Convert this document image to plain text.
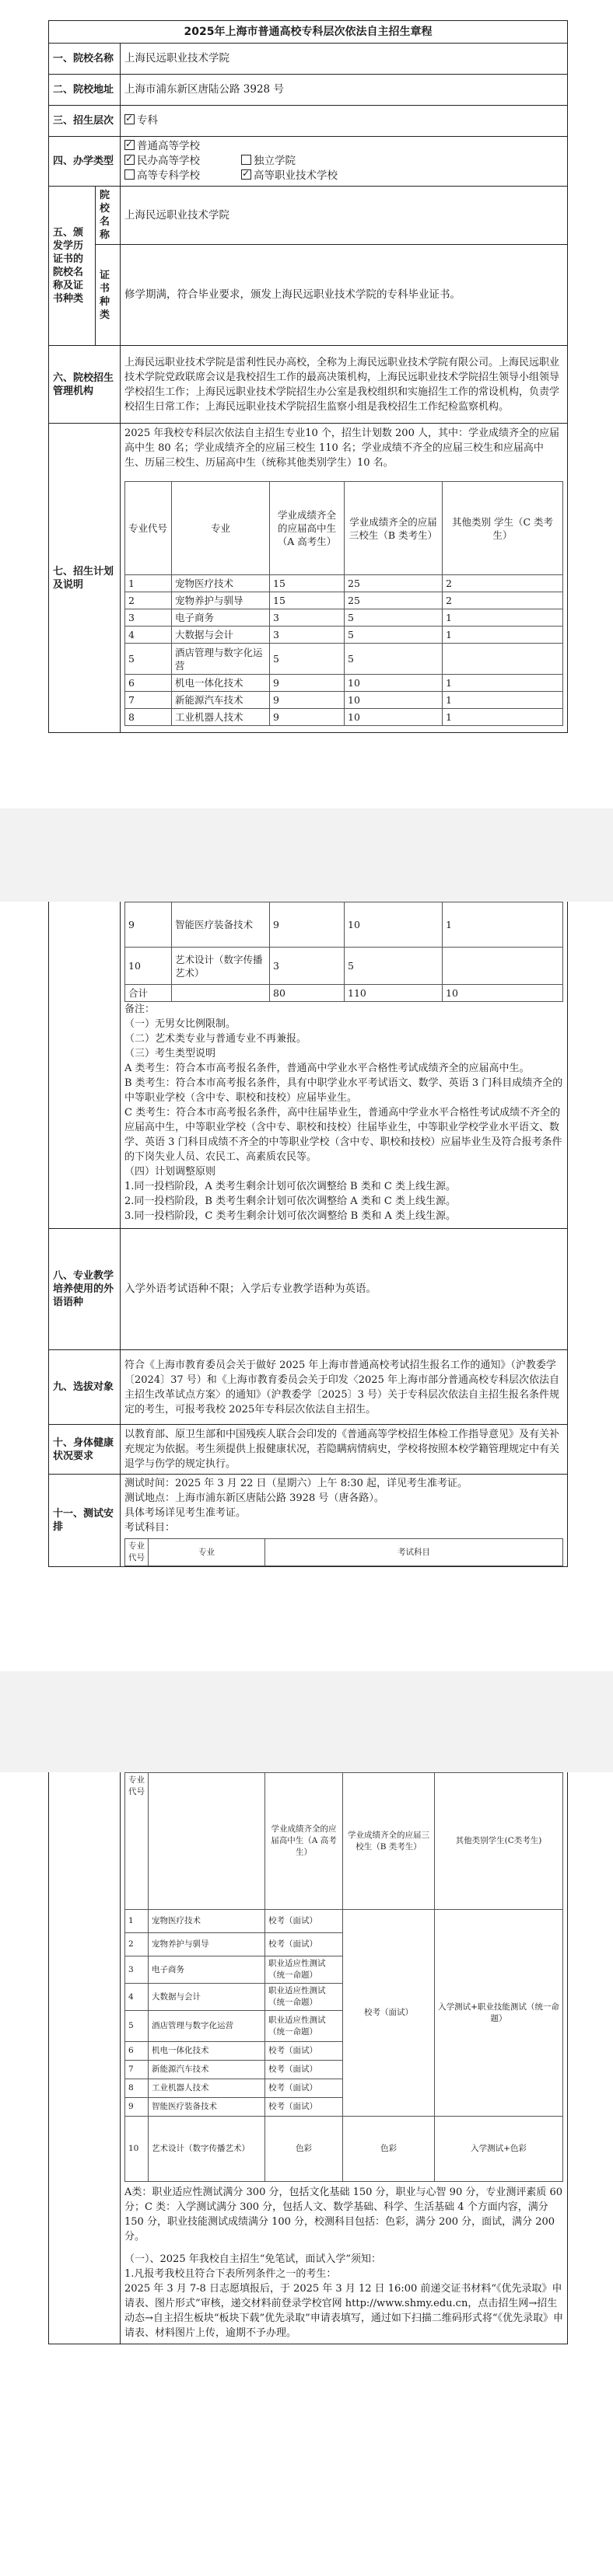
2025年上海市普通高校专科层次依法自主招生章程
一、院校名称	上海民远职业技术学院
二、院校地址	上海市浦东新区唐陆公路 3928 号
三、招生层次	✓专科
四、办学类型	
✓普通高等学校
✓民办高等学校	独立学院
高等专科学校
✓	高等职业技术学校

五、颁发学历证书的院校名称及证书种类	院校名称	上海民远职业技术学院
证书种类	修学期满，符合毕业要求，颁发上海民远职业技术学院的专科毕业证书。
六、院校招生管理机构	上海民远职业技术学院是雷利性民办高校，全称为上海民远职业技术学院有限公司。上海民远职业技术学院党政联席会议是我校招生工作的最高决策机构，上海民远职业技术学院招生领导小组领导学校招生工作；上海民远职业技术学院招生办公室是我校组织和实施招生工作的常设机构，负责学校招生日常工作；上海民远职业技术学院招生监察小组是我校招生工作纪检监察机构。
七、招生计划及说明	

2025 年我校专科层次依法自主招生专业10 个，招生计划数 200 人，其中：学业成绩齐全的应届高中生 80 名；学业成绩齐全的应届三校生 110 名；学业成绩不齐全的应届三校生和应届高中生、历届三校生、历届高中生（统称其他类别学生）10 名。

专业代号	专业	学业成绩齐全的应届高中生（A 高考生）	学业成绩齐全的应届三校生（B 类考生）	其他类别 学生（C 类考生）
1	宠物医疗技术	15	25	2
2	宠物养护与驯导	15	25	2
3	电子商务	3	5	1
4	大数据与会计	3	5	1
5	酒店管理与数字化运营	5	5	
6	机电一体化技术	9	10	1
7	新能源汽车技术	9	10	1
8	工业机器人技术	9	10	1

9	智能医疗装备技术	9	10	1
10	艺术设计（数字传播艺术）	3	5	
合计		80	110	10

备注：

（一）无男女比例限制。

（二）艺术类专业与普通专业不再兼报。

（三）考生类型说明

A 类考生：符合本市高考报名条件，普通高中学业水平合格性考试成绩齐全的应届高中生。

B 类考生：符合本市高考报名条件，具有中职学业水平考试语文、数学、英语 3 门科目成绩齐全的中等职业学校（含中专、职校和技校）应届毕业生。

C 类考生：符合本市高考报名条件，高中往届毕业生，普通高中学业水平合格性考试成绩不齐全的应届高中生，中等职业学校（含中专、职校和技校）往届毕业生，中等职业学校学业水平语文、数学、英语 3 门科目成绩不齐全的中等职业学校（含中专、职校和技校）应届毕业生及符合报考条件的下岗失业人员、农民工、高素质农民等。

（四）计划调整原则

1.同一投档阶段，A 类考生剩余计划可依次调整给 B 类和 C 类上线生源。

2.同一投档阶段，B 类考生剩余计划可依次调整给 A 类和 C 类上线生源。

3.同一投档阶段，C 类考生剩余计划可依次调整给 B 类和 A 类上线生源。

八、专业教学培养使用的外语语种	入学外语考试语种不限；入学后专业教学语种为英语。
九、选拔对象	符合《上海市教育委员会关于做好 2025 年上海市普通高校考试招生报名工作的通知》（沪教委学〔2024〕37 号）和《上海市教育委员会关于印发〈2025 年上海市部分普通高校专科层次依法自主招生改革试点方案〉的通知》（沪教委学〔2025〕3 号）关于专科层次依法自主招生报名条件规定的考生，可报考我校 2025年专科层次依法自主招生。
十、身体健康状况要求	以教育部、原卫生部和中国残疾人联合会印发的《普通高等学校招生体检工作指导意见》及有关补充规定为依据。考生须提供上报健康状况，若隐瞒病情病史，学校将按照本校学籍管理规定中有关退学与伤学的规定执行。
十一、测试安排	

测试时间：2025 年 3 月 22 日（星期六）上午 8:30 起，详见考生准考证。

测试地点：上海市浦东新区唐陆公路 3928 号（唐各路）。

具体考场详见考生准考证。

考试科目：

专业代号	专业	考试科目

专业代号		学业成绩齐全的应届高中生（A 高考生）	学业成绩齐全的应届三校生（B 类考生）	其他类别学生(C类考生)
1	宠物医疗技术	校考（面试）	校考（面试）	入学测试+职业技能测试（统一命题）
2	宠物养护与驯导	校考（面试）
3	电子商务	职业适应性测试（统一命题）
4	大数据与会计	职业适应性测试（统一命题）
5	酒店管理与数字化运营	职业适应性测试（统一命题）
6	机电一体化技术	校考（面试）
7	新能源汽车技术	校考（面试）
8	工业机器人技术	校考（面试）
9	智能医疗装备技术	校考（面试）
10	艺术设计（数字传播艺术）	色彩	色彩	入学测试+色彩

A类：职业适应性测试满分 300 分，包括文化基础 150 分，职业与心智 90 分，专业测评素质 60 分；C 类：入学测试满分 300 分，包括人文、数学基础、科学、生活基础 4 个方面内容，满分 150 分，职业技能测试成绩满分 100 分，校测科目包括：色彩，满分 200 分，面试，满分 200 分。

（一）、2025 年我校自主招生“免笔试，面试入学”须知：

1.凡报考我校且符合下表所列条件之一的考生：

2025 年 3 月 7-8 日志愿填报后，于 2025 年 3 月 12 日 16:00 前递交证书材料“《优先录取》申请表、图片形式”审核，递交材料前登录学校官网 http://www.shmy.edu.cn，点击招生网→招生动态→自主招生板块“板块下载”优先录取”申请表填写，通过如下扫描二维码形式将“《优先录取》申请表、材料图片上传，逾期不予办理。
